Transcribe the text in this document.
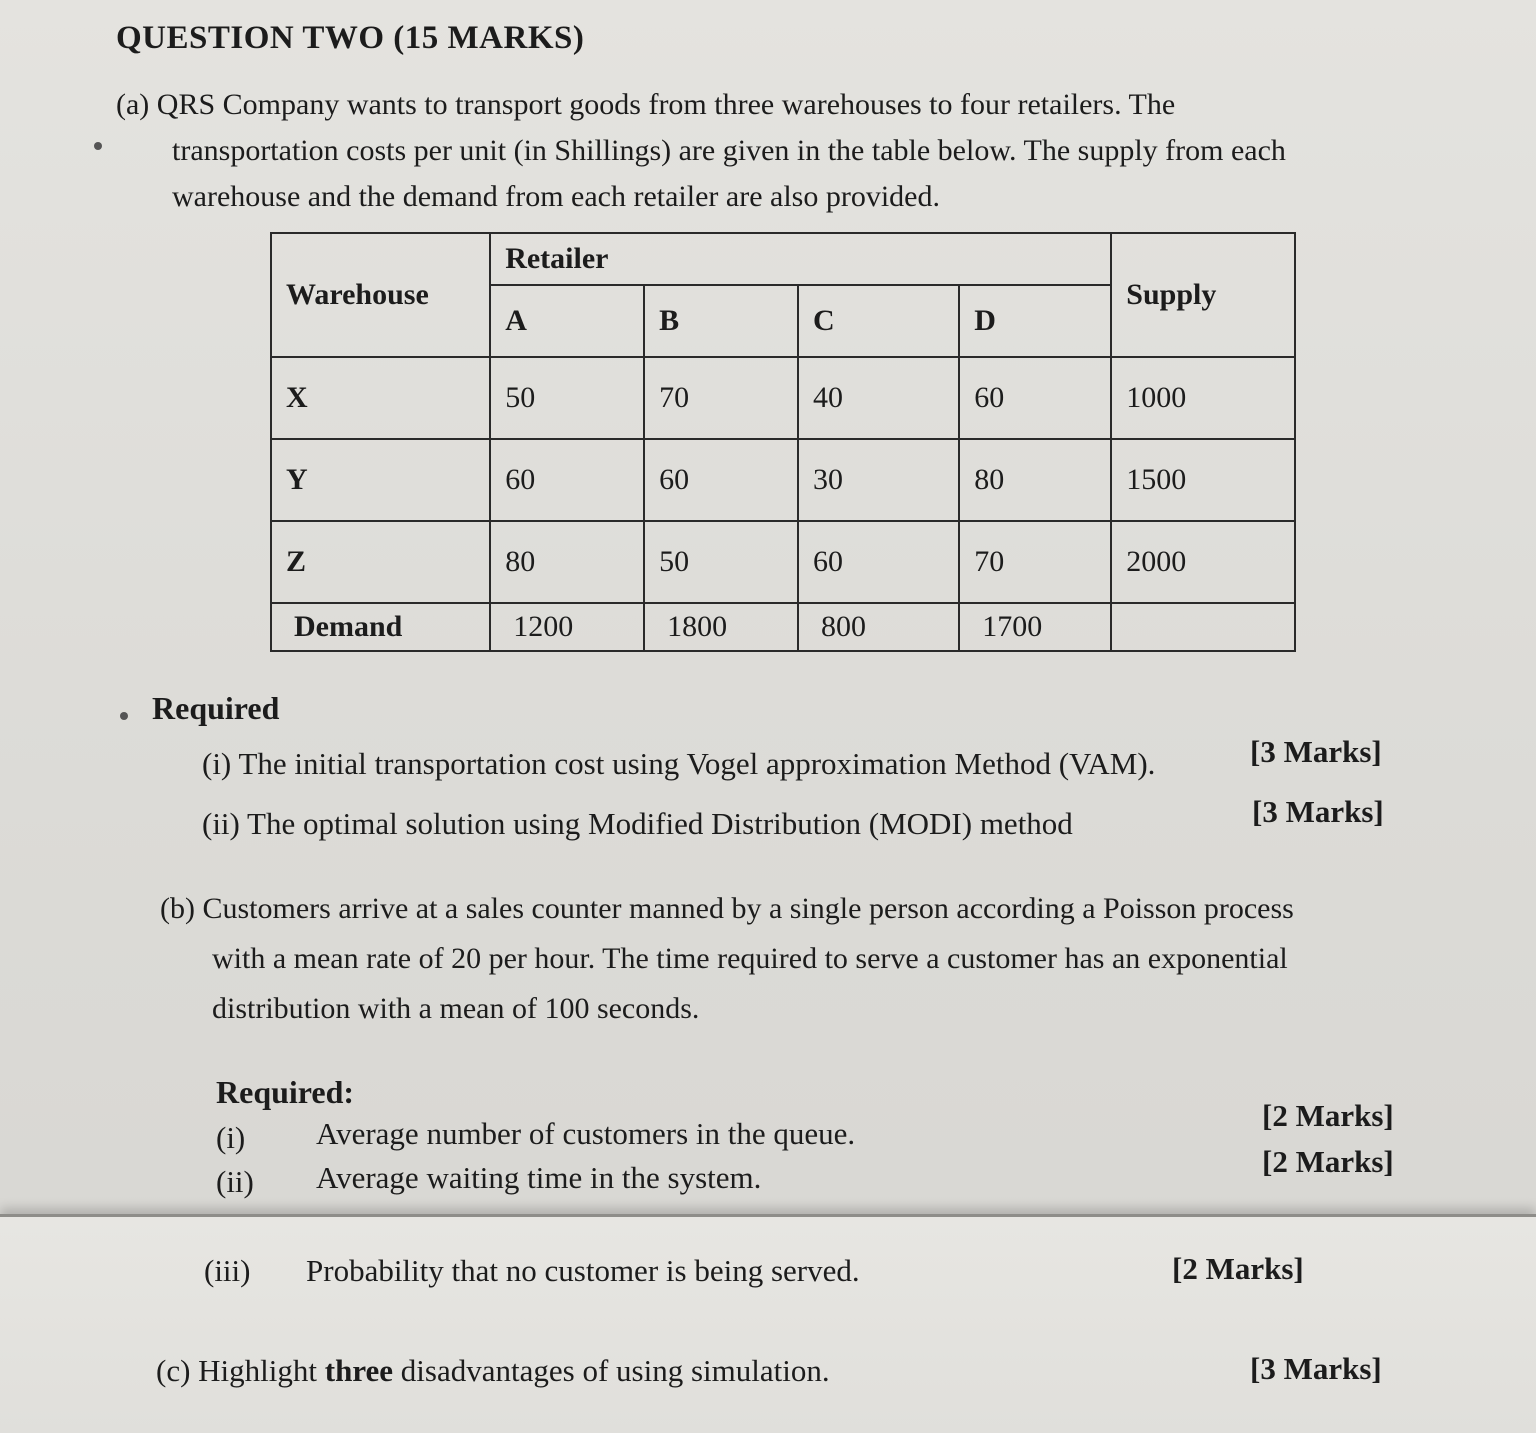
QUESTION TWO (15 MARKS)
(a) QRS Company wants to transport goods from three warehouses to four retailers. The
transportation costs per unit (in Shillings) are given in the table below. The supply from each
warehouse and the demand from each retailer are also provided.
Warehouse	Retailer				Supply
	A	B	C	D	
X	50	70	40	60	1000
Y	60	60	30	80	1500
Z	80	50	60	70	2000
Demand	1200	1800	800	1700	
Required
(i) The initial transportation cost using Vogel approximation Method (VAM).	[3 Marks]
(ii) The optimal solution using Modified Distribution (MODI) method	[3 Marks]
(b) Customers arrive at a sales counter manned by a single person according a Poisson process
with a mean rate of 20 per hour. The time required to serve a customer has an exponential
distribution with a mean of 100 seconds.
Required:
(i) Average number of customers in the queue.
[2 Marks]
(ii) Average waiting time in the system.	[2 Marks]
(iii) Probability that no customer is being served.	[2 Marks]
(c) Highlight three disadvantages of using simulation.	[3 Marks]
